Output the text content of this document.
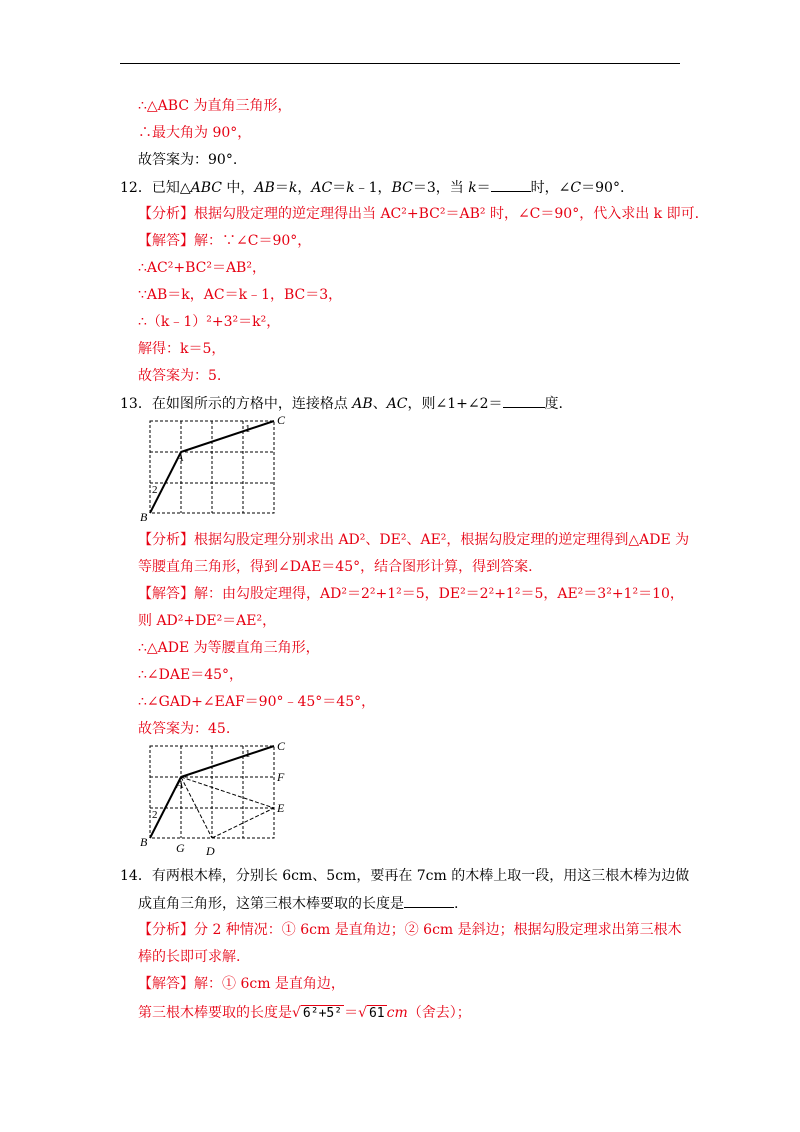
∴△ABC 为直角三角形，
∴最大角为 90°，
故答案为：90°.
12．已知△ABC 中，AB＝k，AC＝k﹣1，BC＝3，当 k＝	时，∠C＝90°.
【分析】根据勾股定理的逆定理得出当 AC²+BC²＝AB² 时，∠C＝90°，代入求出 k 即可.
【解答】解：∵∠C＝90°，
∴AC²+BC²＝AB²，
∵AB＝k，AC＝k﹣1，BC＝3，
∴（k﹣1）²+3²＝k²，
解得：k＝5，
故答案为：5.
13．在如图所示的方格中，连接格点 AB、AC，则∠1+∠2＝	度.
A
B
C
1
2
【分析】根据勾股定理分别求出 AD²、DE²、AE²，根据勾股定理的逆定理得到△ADE 为
等腰直角三角形，得到∠DAE＝45°，结合图形计算，得到答案.
【解答】解：由勾股定理得，AD²＝2²+1²＝5，DE²＝2²+1²＝5，AE²＝3²+1²＝10，
则 AD²+DE²＝AE²，
∴△ADE 为等腰直角三角形，
∴∠DAE＝45°，
∴∠GAD+∠EAF＝90°﹣45°＝45°，
故答案为：45.
A
B
C
D
E
F
G
1
2
14．有两根木棒，分别长 6cm、5cm，要再在 7cm 的木棒上取一段，用这三根木棒为边做
成直角三角形，这第三根木棒要取的长度是	.
【分析】分 2 种情况：① 6cm 是直角边；② 6cm 是斜边；根据勾股定理求出第三根木
棒的长即可求解.
【解答】解：① 6cm 是直角边，
第三根木棒要取的长度是√ 6²+5² ＝√ 61 cm（舍去）；
